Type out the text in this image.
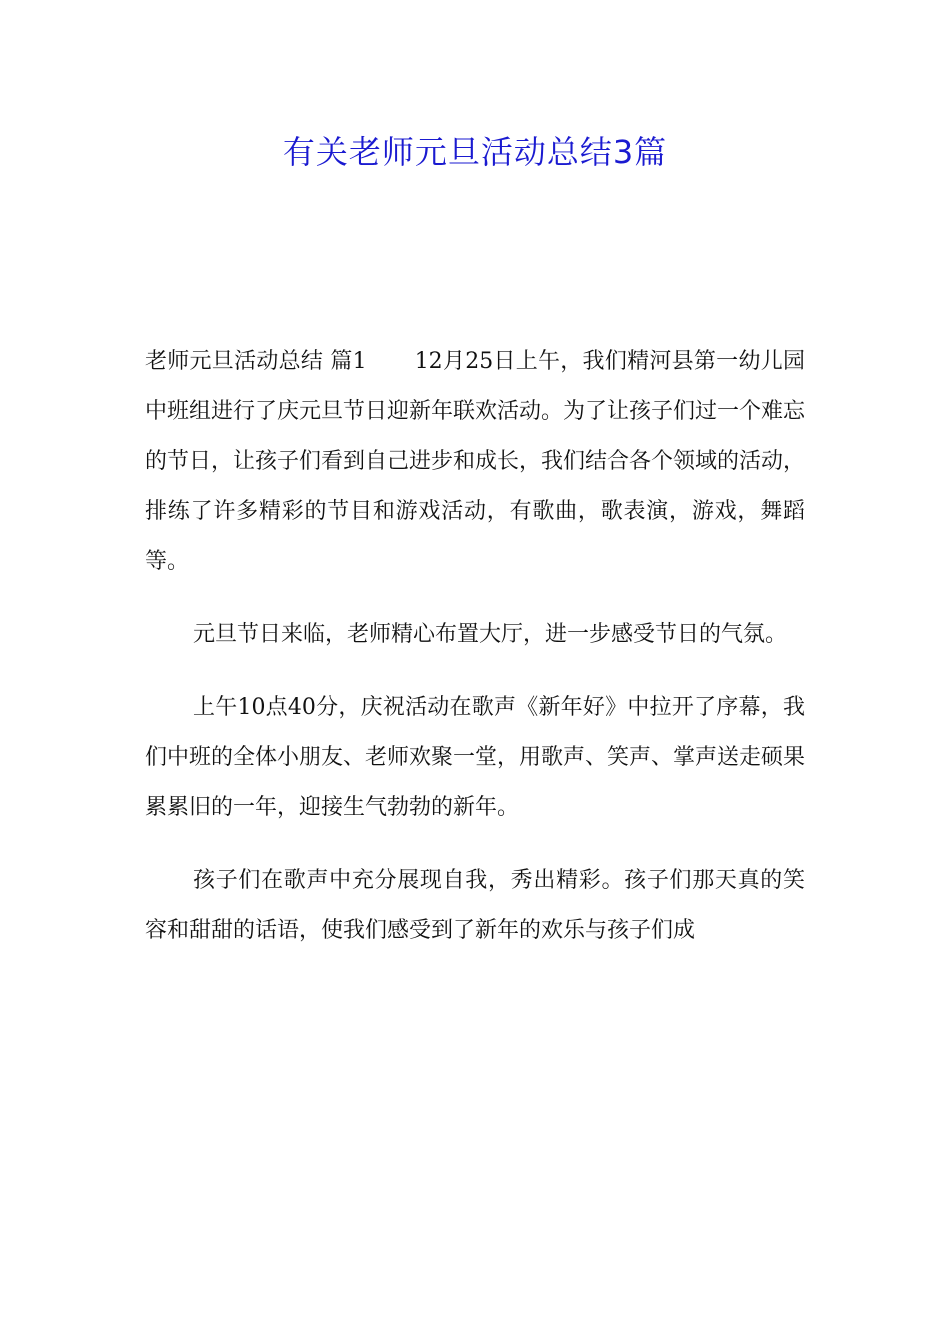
有关老师元旦活动总结3篇

老师元旦活动总结 篇1 12月25日上午，我们精河县第一幼儿园中班组进行了庆元旦节日迎新年联欢活动。为了让孩子们过一个难忘的节日，让孩子们看到自己进步和成长，我们结合各个领域的活动，排练了许多精彩的节目和游戏活动，有歌曲，歌表演，游戏，舞蹈等。

元旦节日来临，老师精心布置大厅，进一步感受节日的气氛。

上午10点40分，庆祝活动在歌声《新年好》中拉开了序幕，我们中班的全体小朋友、老师欢聚一堂，用歌声、笑声、掌声送走硕果累累旧的一年，迎接生气勃勃的新年。

孩子们在歌声中充分展现自我，秀出精彩。孩子们那天真的笑容和甜甜的话语，使我们感受到了新年的欢乐与孩子们成
